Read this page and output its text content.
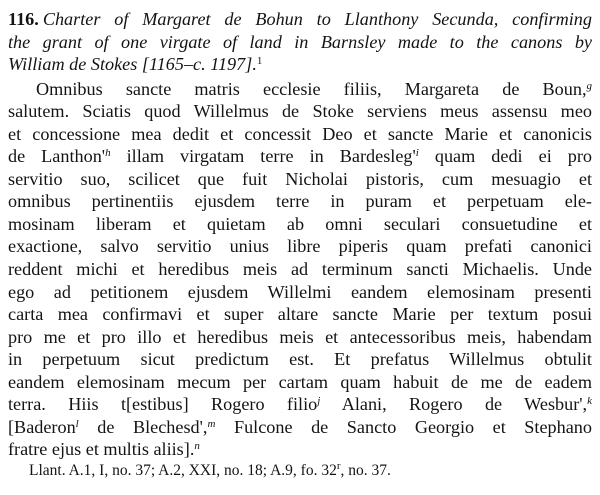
116. Charter of Margaret de Bohun to Llanthony Secunda, confirming
the grant of one virgate of land in Barnsley made to the canons by
William de Stokes [1165–c. 1197].$^1$
Omnibus sancte matris ecclesie filiis, Margareta de Boun,$^g$
salutem. Sciatis quod Willelmus de Stoke serviens meus assensu meo
et concessione mea dedit et concessit Deo et sancte Marie et canonicis
de $Lanthon'^h$ illam virgatam terre in $Bardesleg'^i$ quam dedi ei pro
servitio suo, scilicet que fuit Nicholai pistoris, cum mesuagio et
omnibus pertinentiis ejusdem terre in puram et perpetuam ele-
mosinam liberam et quietam ab omni seculari consuetudine et
exactione, salvo servitio unius libre piperis quam prefati canonici
reddent michi et heredibus meis ad terminum sancti Michaelis. Unde
ego ad petitionem ejusdem Willelmi eandem elemosinam presenti
carta mea confirmavi et super altare sancte Marie per textum posui
pro me et pro illo et heredibus meis et antecessoribus meis, habendam
in perpetuum sicut predictum est. Et prefatus Willelmus obtulit
eandem elemosinam mecum per cartam quam habuit de me de eadem
terra. Hiis t[estibus] Rogero filio$^j$ Alani, Rogero de Wesbur',$^k$
[Baderon$^l$ de Blechesd',$^m$ Fulcone de Sancto Georgio et Stephano
fratre ejus et multis aliis].$^n$
Llant. A.1, I, no. 37; A.2, XXI, no. 18; A.9, fo. 32$^r$, no. 37.
